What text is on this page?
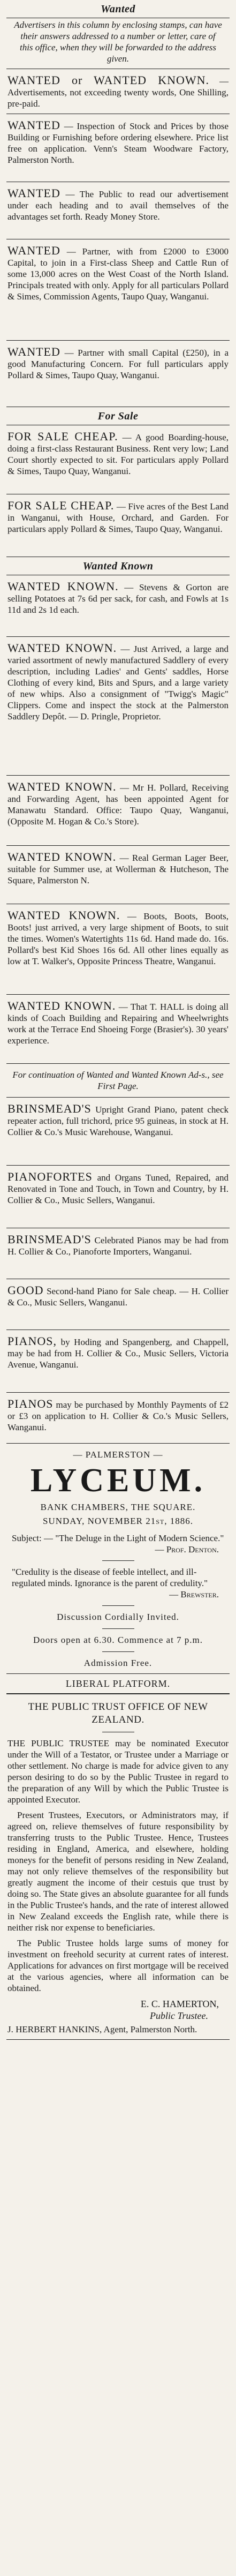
Wanted
Advertisers in this column by enclosing stamps, can have their answers addressed to a number or letter, care of this office, when they will be forwarded to the address given.
WANTED or WANTED KNOWN. — Advertisements, not exceeding twenty words, One Shilling, pre-paid.
WANTED — Inspection of Stock and Prices by those Building or Furnishing before ordering elsewhere. Price list free on application. Venn's Steam Woodware Factory, Palmerston North.
WANTED — The Public to read our advertisement under each heading and to avail themselves of the advantages set forth. Ready Money Store.
WANTED — Partner, with from £2000 to £3000 Capital, to join in a First-class Sheep and Cattle Run of some 13,000 acres on the West Coast of the North Island. Principals treated with only. Apply for all particulars Pollard & Simes, Commission Agents, Taupo Quay, Wanganui.
WANTED — Partner with small Capital (£250), in a good Manufacturing Concern. For full particulars apply Pollard & Simes, Taupo Quay, Wanganui.
For Sale
FOR SALE CHEAP. — A good Boarding-house, doing a first-class Restaurant Business. Rent very low; Land Court shortly expected to sit. For particulars apply Pollard & Simes, Taupo Quay, Wanganui.
FOR SALE CHEAP. — Five acres of the Best Land in Wanganui, with House, Orchard, and Garden. For particulars apply Pollard & Simes, Taupo Quay, Wanganui.
Wanted Known
WANTED KNOWN. — Stevens & Gorton are selling Potatoes at 7s 6d per sack, for cash, and Fowls at 1s 11d and 2s 1d each.
WANTED KNOWN. — Just Arrived, a large and varied assortment of newly manufactured Saddlery of every description, including Ladies' and Gents' saddles, Horse Clothing of every kind, Bits and Spurs, and a large variety of new whips. Also a consignment of "Twigg's Magic" Clippers. Come and inspect the stock at the Palmerston Saddlery Depôt. — D. Pringle, Proprietor.
WANTED KNOWN. — Mr H. Pollard, Receiving and Forwarding Agent, has been appointed Agent for Manawatu Standard. Office: Taupo Quay, Wanganui, (Opposite M. Hogan & Co.'s Store).
WANTED KNOWN. — Real German Lager Beer, suitable for Summer use, at Wollerman & Hutcheson, The Square, Palmerston N.
WANTED KNOWN. — Boots, Boots, Boots, Boots! just arrived, a very large shipment of Boots, to suit the times. Women's Watertights 11s 6d. Hand made do. 16s. Pollard's best Kid Shoes 16s 6d. All other lines equally as low at T. Walker's, Opposite Princess Theatre, Wanganui.
WANTED KNOWN. — That T. HALL is doing all kinds of Coach Building and Repairing and Wheelwrights work at the Terrace End Shoeing Forge (Brasier's). 30 years' experience.
For continuation of Wanted and Wanted Known Ad-s., see First Page.
BRINSMEAD'S Upright Grand Piano, patent check repeater action, full trichord, price 95 guineas, in stock at H. Collier & Co.'s Music Warehouse, Wanganui.
PIANOFORTES and Organs Tuned, Repaired, and Renovated in Tone and Touch, in Town and Country, by H. Collier & Co., Music Sellers, Wanganui.
BRINSMEAD'S Celebrated Pianos may be had from H. Collier & Co., Pianoforte Importers, Wanganui.
GOOD Second-hand Piano for Sale cheap. — H. Collier & Co., Music Sellers, Wanganui.
PIANOS, by Hoding and Spangenberg, and Chappell, may be had from H. Collier & Co., Music Sellers, Victoria Avenue, Wanganui.
PIANOS may be purchased by Monthly Payments of £2 or £3 on application to H. Collier & Co.'s Music Sellers, Wanganui.
— PALMERSTON —
LYCEUM.
BANK CHAMBERS, THE SQUARE.
SUNDAY, NOVEMBER 21st, 1886.
Subject: — "The Deluge in the Light of Modern Science."
— Prof. Denton.
"Credulity is the disease of feeble intellect, and ill-regulated minds. Ignorance is the parent of credulity."
— Brewster.
Discussion Cordially Invited.
Doors open at 6.30. Commence at 7 p.m.
Admission Free.
LIBERAL PLATFORM.
THE PUBLIC TRUST OFFICE OF NEW ZEALAND.
THE PUBLIC TRUSTEE may be nominated Executor under the Will of a Testator, or Trustee under a Marriage or other settlement. No charge is made for advice given to any person desiring to do so by the Public Trustee in regard to the preparation of any Will by which the Public Trustee is appointed Executor.
Present Trustees, Executors, or Administrators may, if agreed on, relieve themselves of future responsibility by transferring trusts to the Public Trustee. Hence, Trustees residing in England, America, and elsewhere, holding moneys for the benefit of persons residing in New Zealand, may not only relieve themselves of the responsibility but greatly augment the income of their cestuis que trust by doing so. The State gives an absolute guarantee for all funds in the Public Trustee's hands, and the rate of interest allowed in New Zealand exceeds the English rate, while there is neither risk nor expense to beneficiaries.
The Public Trustee holds large sums of money for investment on freehold security at current rates of interest. Applications for advances on first mortgage will be received at the various agencies, where all information can be obtained.
E. C. HAMERTON,
Public Trustee.
J. HERBERT HANKINS, Agent, Palmerston North.
